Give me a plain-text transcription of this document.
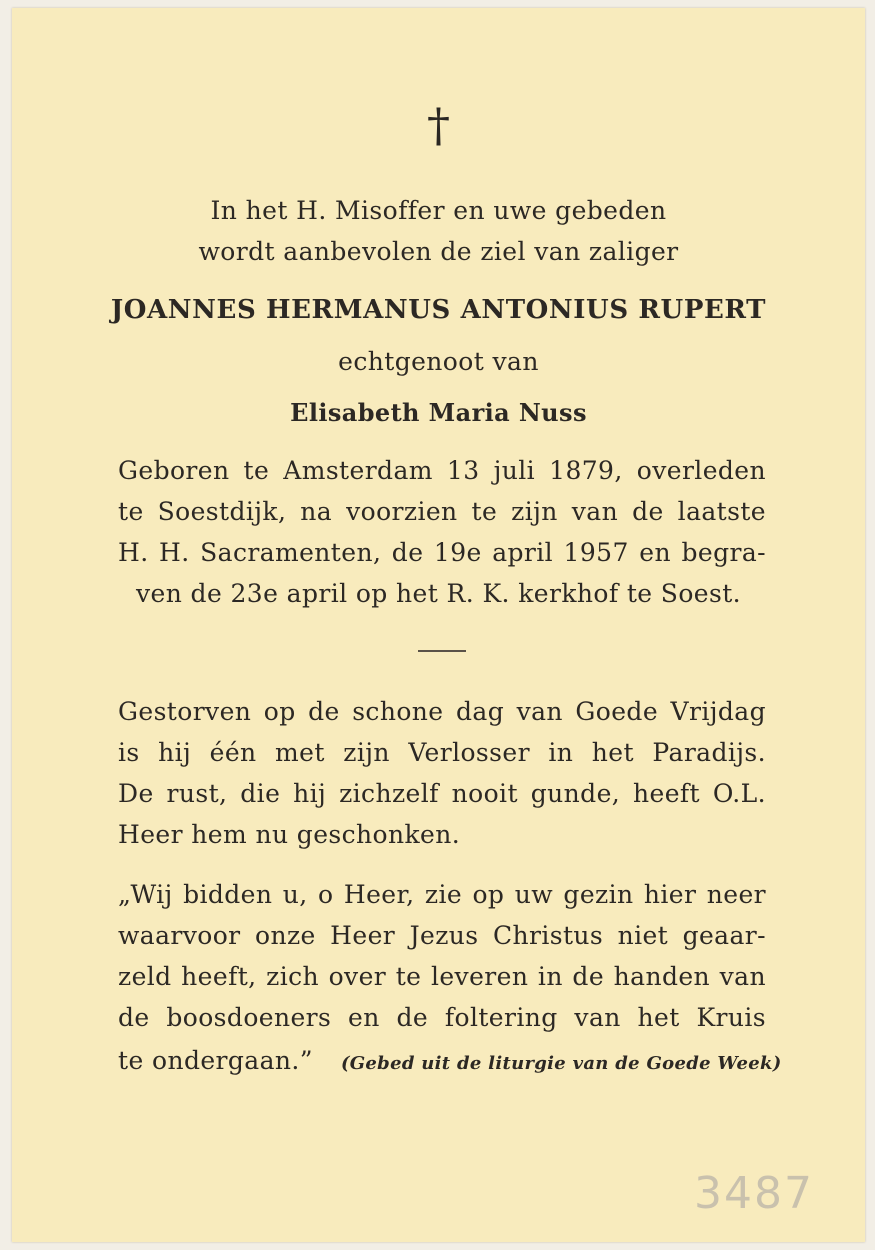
†
In het H. Misoffer en uwe gebeden
wordt aanbevolen de ziel van zaliger
JOANNES HERMANUS ANTONIUS RUPERT
echtgenoot van
Elisabeth Maria Nuss
Geboren te Amsterdam 13 juli 1879, overleden
te Soestdijk, na voorzien te zijn van de laatste
H. H. Sacramenten, de 19e april 1957 en begra-
ven de 23e april op het R. K. kerkhof te Soest.
Gestorven op de schone dag van Goede Vrijdag
is hij één met zijn Verlosser in het Paradijs.
De rust, die hij zichzelf nooit gunde, heeft O.L.
Heer hem nu geschonken.
„Wij bidden u, o Heer, zie op uw gezin hier neer
waarvoor onze Heer Jezus Christus niet geaar-
zeld heeft, zich over te leveren in de handen van
de boosdoeners en de foltering van het Kruis
te ondergaan.” (Gebed uit de liturgie van de Goede Week)
3487
